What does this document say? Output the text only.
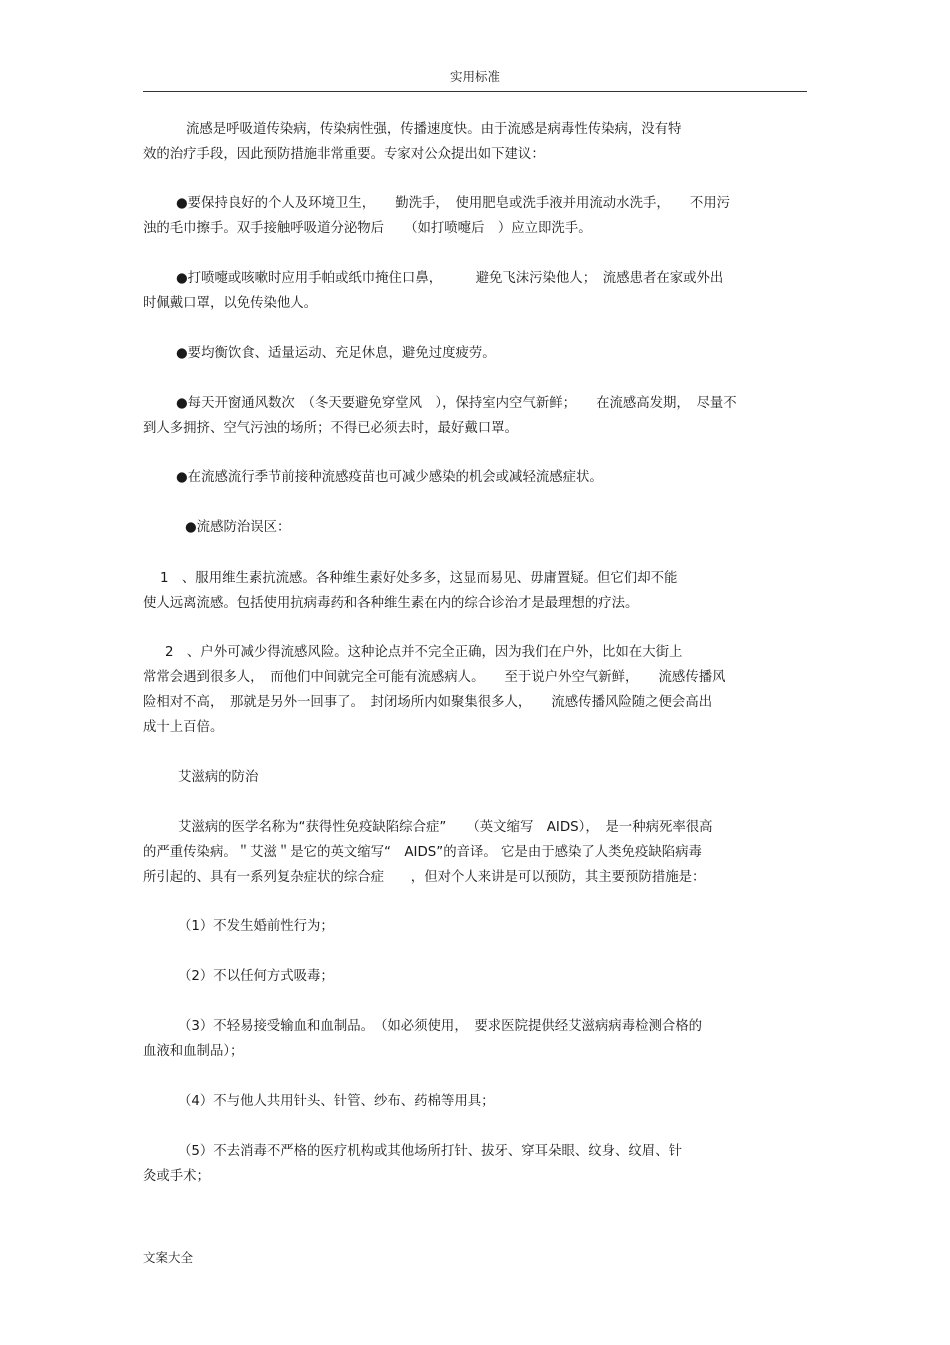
实用标准
流感是呼吸道传染病，传染病性强，传播速度快。由于流感是病毒性传染病，没有特
效的治疗手段，因此预防措施非常重要。专家对公众提出如下建议：
●要保持良好的个人及环境卫生，　　勤洗手，　使用肥皂或洗手液并用流动水洗手，　　不用污
浊的毛巾擦手。双手接触呼吸道分泌物后　　（如打喷嚏后　）应立即洗手。
●打喷嚏或咳嗽时应用手帕或纸巾掩住口鼻，　　　避免飞沫污染他人；　流感患者在家或外出
时佩戴口罩，以免传染他人。
●要均衡饮食、适量运动、充足休息，避免过度疲劳。
●每天开窗通风数次　（冬天要避免穿堂风　），保持室内空气新鲜；　　在流感高发期，　尽量不
到人多拥挤、空气污浊的场所；不得已必须去时，最好戴口罩。
●在流感流行季节前接种流感疫苗也可减少感染的机会或减轻流感症状。
●流感防治误区：
1　、服用维生素抗流感。各种维生素好处多多，这显而易见、毋庸置疑。但它们却不能
使人远离流感。包括使用抗病毒药和各种维生素在内的综合诊治才是最理想的疗法。
2　、户外可减少得流感风险。这种论点并不完全正确，因为我们在户外，比如在大街上
常常会遇到很多人，　而他们中间就完全可能有流感病人。　　至于说户外空气新鲜，　　流感传播风
险相对不高，　那就是另外一回事了。　封闭场所内如聚集很多人，　　流感传播风险随之便会高出
成十上百倍。
艾滋病的防治
艾滋病的医学名称为“获得性免疫缺陷综合症”　　（英文缩写　AIDS），　是一种病死率很高
的严重传染病。＂艾滋＂是它的英文缩写“　AIDS”的音译。 它是由于感染了人类免疫缺陷病毒
所引起的、具有一系列复杂症状的综合症　　，但对个人来讲是可以预防，其主要预防措施是：
（1）不发生婚前性行为；
（2）不以任何方式吸毒；
（3）不轻易接受输血和血制品。　（如必须使用，　要求医院提供经艾滋病病毒检测合格的
血液和血制品）；
（4）不与他人共用针头、针管、纱布、药棉等用具；
（5）不去消毒不严格的医疗机构或其他场所打针、拔牙、穿耳朵眼、纹身、纹眉、针
灸或手术；
文案大全
